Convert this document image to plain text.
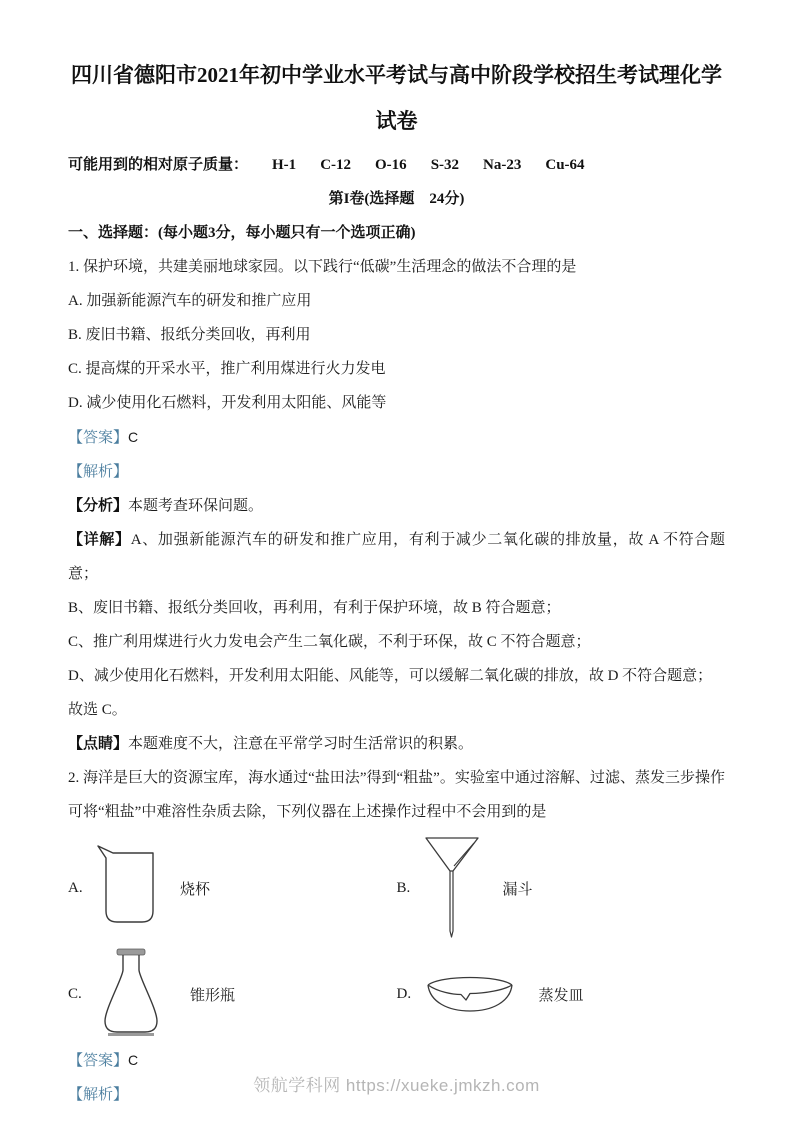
四川省德阳市2021年初中学业水平考试与高中阶段学校招生考试理化学试卷

可能用到的相对原子质量： H-1 C-12 O-16 S-32 Na-23 Cu-64

第I卷(选择题　24分)

一、选择题：(每小题3分，每小题只有一个选项正确)

1. 保护环境，共建美丽地球家园。以下践行“低碳”生活理念的做法不合理的是

A. 加强新能源汽车的研发和推广应用

B. 废旧书籍、报纸分类回收，再利用

C. 提高煤的开采水平，推广利用煤进行火力发电

D. 减少使用化石燃料，开发利用太阳能、风能等

【答案】C

【解析】

【分析】本题考查环保问题。

【详解】A、加强新能源汽车的研发和推广应用，有利于减少二氧化碳的排放量，故 A 不符合题意；

B、废旧书籍、报纸分类回收，再利用，有利于保护环境，故 B 符合题意；

C、推广利用煤进行火力发电会产生二氧化碳，不利于环保，故 C 不符合题意；

D、减少使用化石燃料，开发利用太阳能、风能等，可以缓解二氧化碳的排放，故 D 不符合题意；

故选 C。

【点睛】本题难度不大，注意在平常学习时生活常识的积累。

2. 海洋是巨大的资源宝库，海水通过“盐田法”得到“粗盐”。实验室中通过溶解、过滤、蒸发三步操作可将“粗盐”中难溶性杂质去除，下列仪器在上述操作过程中不会用到的是

A.	烧杯	B.	漏斗
C.	锥形瓶	D.	蒸发皿

【答案】C

【解析】	领航学科网 https://xueke.jmkzh.com
